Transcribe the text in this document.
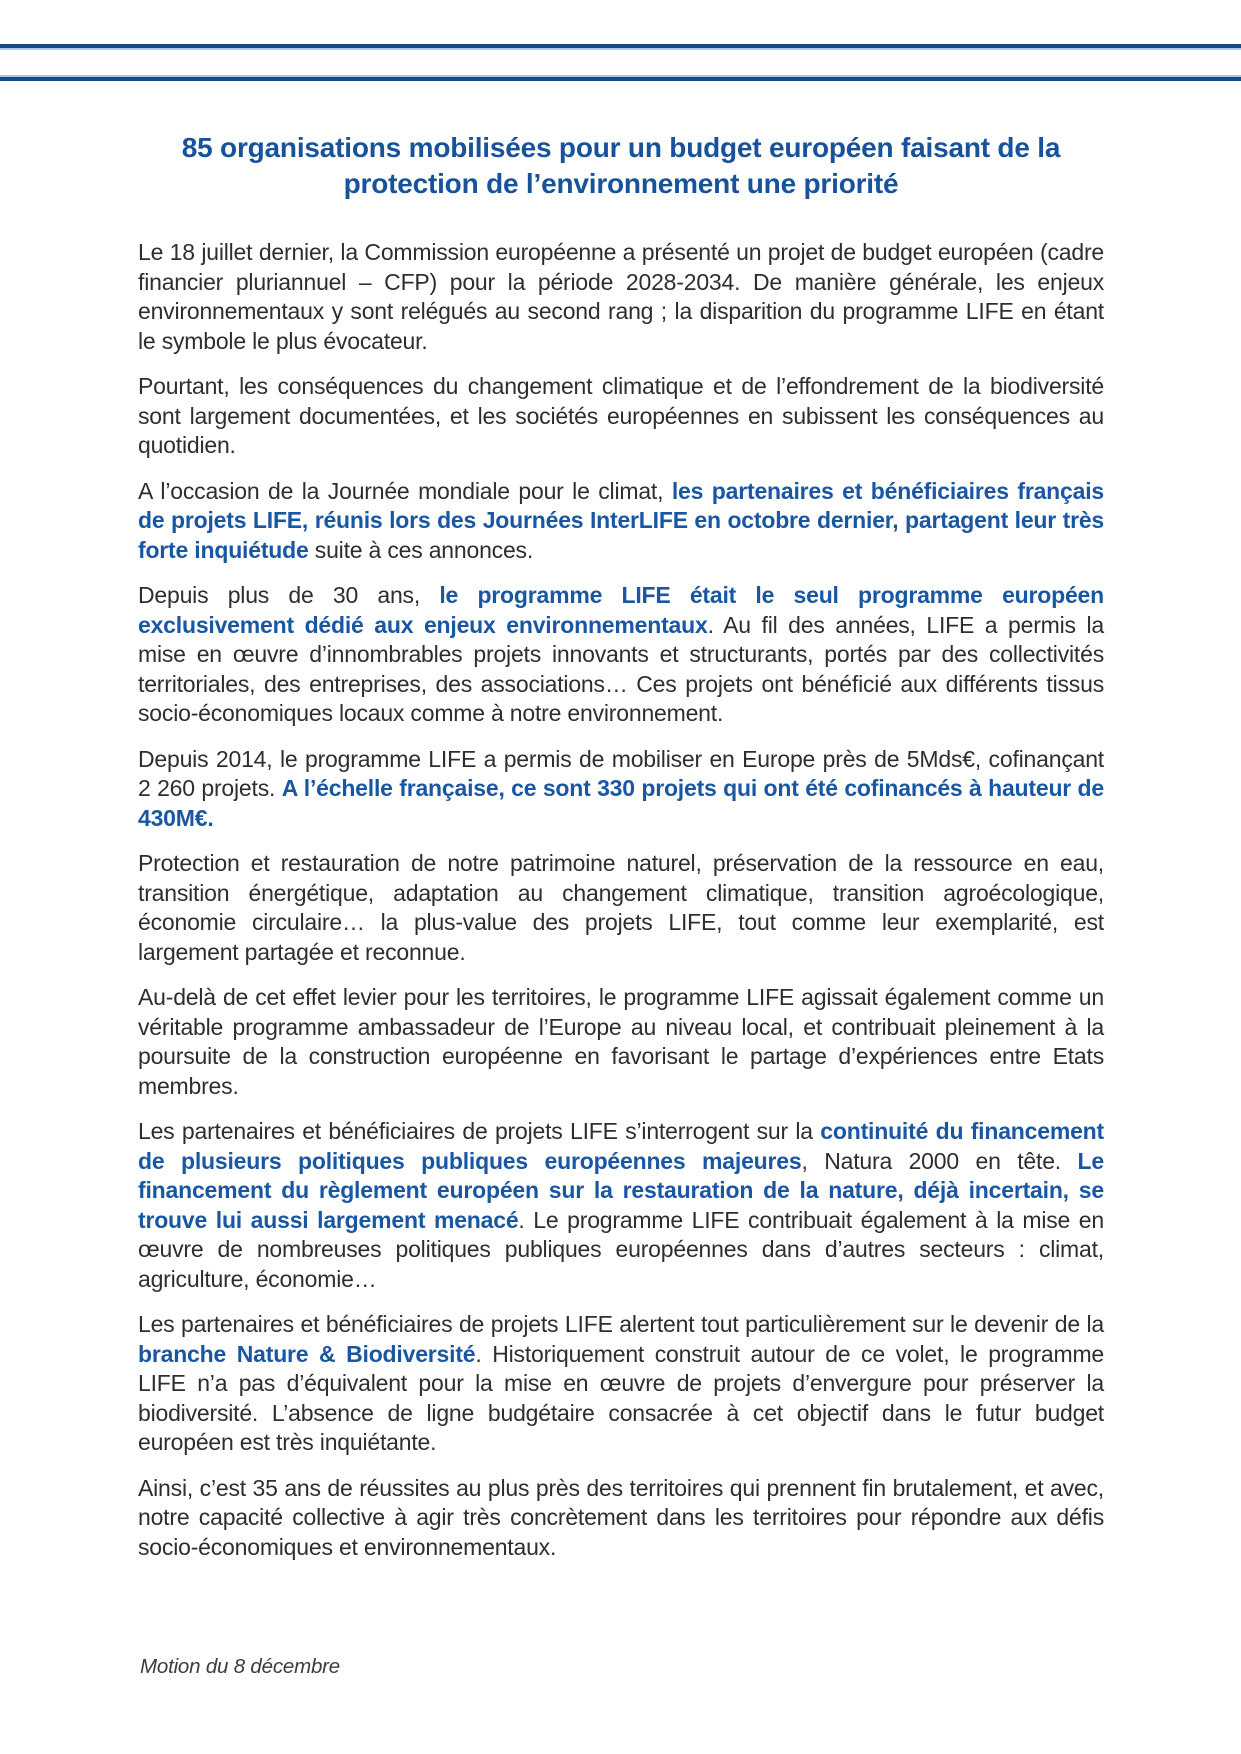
85 organisations mobilisées pour un budget européen faisant de la protection de l’environnement une priorité

Le 18 juillet dernier, la Commission européenne a présenté un projet de budget européen (cadre financier pluriannuel – CFP) pour la période 2028-2034. De manière générale, les enjeux environnementaux y sont relégués au second rang ; la disparition du programme LIFE en étant le symbole le plus évocateur.

Pourtant, les conséquences du changement climatique et de l’effondrement de la biodiversité sont largement documentées, et les sociétés européennes en subissent les conséquences au quotidien.

A l’occasion de la Journée mondiale pour le climat, les partenaires et bénéficiaires français de projets LIFE, réunis lors des Journées InterLIFE en octobre dernier, partagent leur très forte inquiétude suite à ces annonces.

Depuis plus de 30 ans, le programme LIFE était le seul programme européen exclusivement dédié aux enjeux environnementaux. Au fil des années, LIFE a permis la mise en œuvre d’innombrables projets innovants et structurants, portés par des collectivités territoriales, des entreprises, des associations… Ces projets ont bénéficié aux différents tissus socio-économiques locaux comme à notre environnement.

Depuis 2014, le programme LIFE a permis de mobiliser en Europe près de 5Mds€, cofinançant 2 260 projets. A l’échelle française, ce sont 330 projets qui ont été cofinancés à hauteur de 430M€.

Protection et restauration de notre patrimoine naturel, préservation de la ressource en eau, transition énergétique, adaptation au changement climatique, transition agroécologique, économie circulaire… la plus-value des projets LIFE, tout comme leur exemplarité, est largement partagée et reconnue.

Au-delà de cet effet levier pour les territoires, le programme LIFE agissait également comme un véritable programme ambassadeur de l’Europe au niveau local, et contribuait pleinement à la poursuite de la construction européenne en favorisant le partage d’expériences entre Etats membres.

Les partenaires et bénéficiaires de projets LIFE s’interrogent sur la continuité du financement de plusieurs politiques publiques européennes majeures, Natura 2000 en tête. Le financement du règlement européen sur la restauration de la nature, déjà incertain, se trouve lui aussi largement menacé. Le programme LIFE contribuait également à la mise en œuvre de nombreuses politiques publiques européennes dans d’autres secteurs : climat, agriculture, économie…

Les partenaires et bénéficiaires de projets LIFE alertent tout particulièrement sur le devenir de la branche Nature & Biodiversité. Historiquement construit autour de ce volet, le programme LIFE n’a pas d’équivalent pour la mise en œuvre de projets d’envergure pour préserver la biodiversité. L’absence de ligne budgétaire consacrée à cet objectif dans le futur budget européen est très inquiétante.

Ainsi, c’est 35 ans de réussites au plus près des territoires qui prennent fin brutalement, et avec, notre capacité collective à agir très concrètement dans les territoires pour répondre aux défis socio-économiques et environnementaux.

Motion du 8 décembre
